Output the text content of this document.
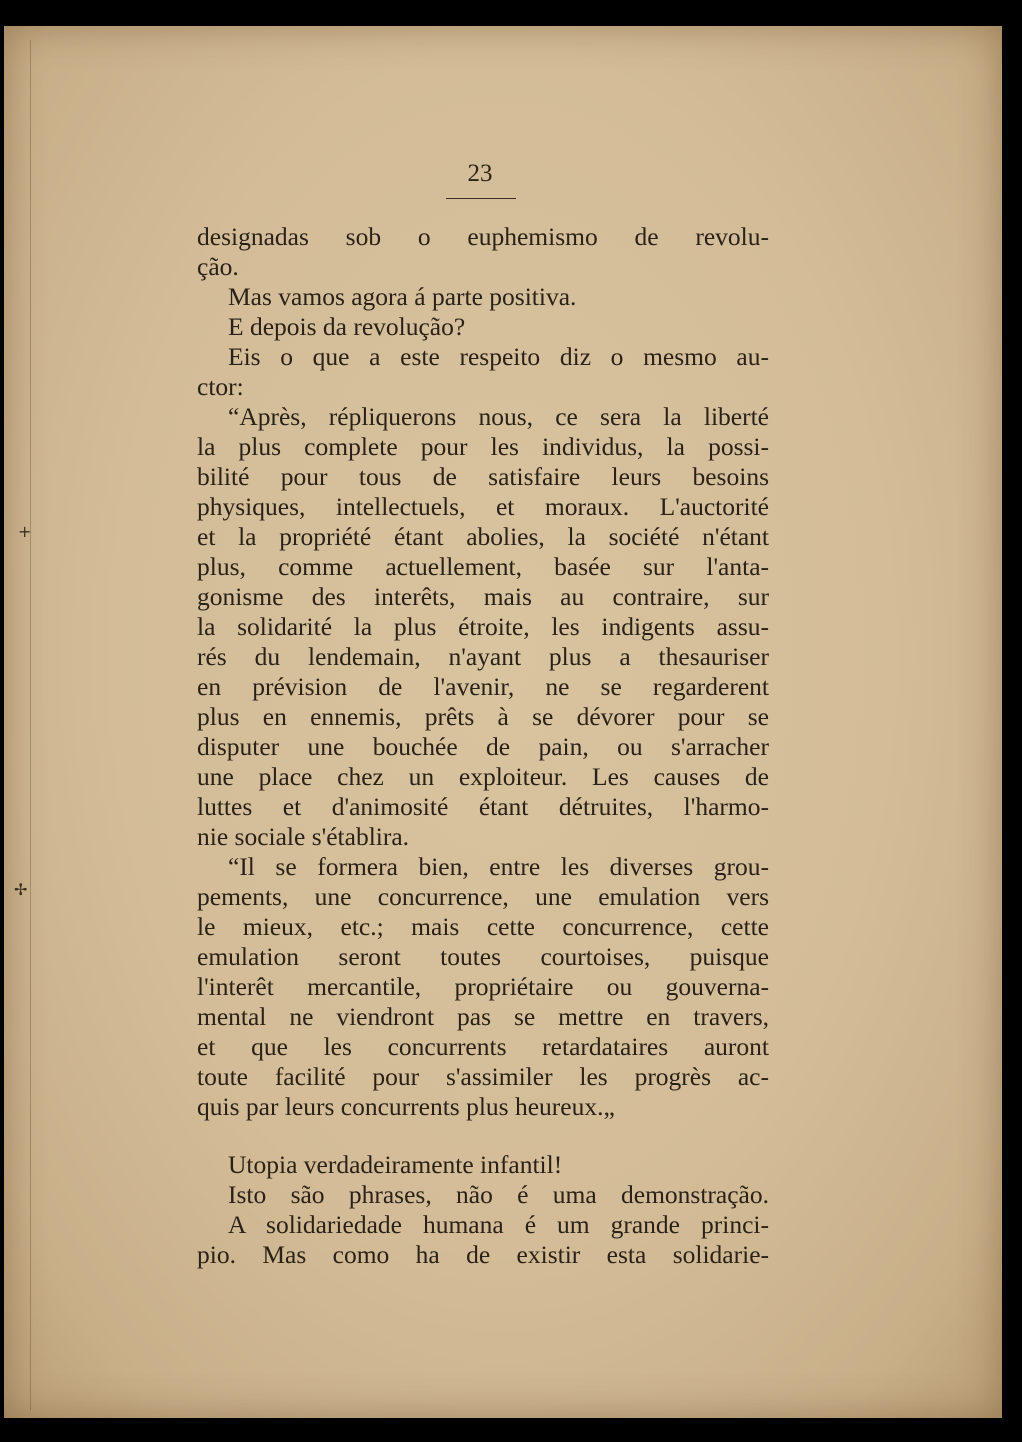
+
✢
23
designadas sob o euphemismo de revolu-
ção.
Mas vamos agora á parte positiva.
E depois da revolução?
Eis o que a este respeito diz o mesmo au-
ctor:
“Après, répliquerons nous, ce sera la liberté
la plus complete pour les individus, la possi-
bilité pour tous de satisfaire leurs besoins
physiques, intellectuels, et moraux. L'auctorité
et la propriété étant abolies, la société n'étant
plus, comme actuellement, basée sur l'anta-
gonisme des interêts, mais au contraire, sur
la solidarité la plus étroite, les indigents assu-
rés du lendemain, n'ayant plus a thesauriser
en prévision de l'avenir, ne se regarderent
plus en ennemis, prêts à se dévorer pour se
disputer une bouchée de pain, ou s'arracher
une place chez un exploiteur. Les causes de
luttes et d'animosité étant détruites, l'harmo-
nie sociale s'établira.
“Il se formera bien, entre les diverses grou-
pements, une concurrence, une emulation vers
le mieux, etc.; mais cette concurrence, cette
emulation seront toutes courtoises, puisque
l'interêt mercantile, propriétaire ou gouverna-
mental ne viendront pas se mettre en travers,
et que les concurrents retardataires auront
toute facilité pour s'assimiler les progrès ac-
quis par leurs concurrents plus heureux.„
Utopia verdadeiramente infantil!
Isto são phrases, não é uma demonstração.
A solidariedade humana é um grande princi-
pio. Mas como ha de existir esta solidarie-
